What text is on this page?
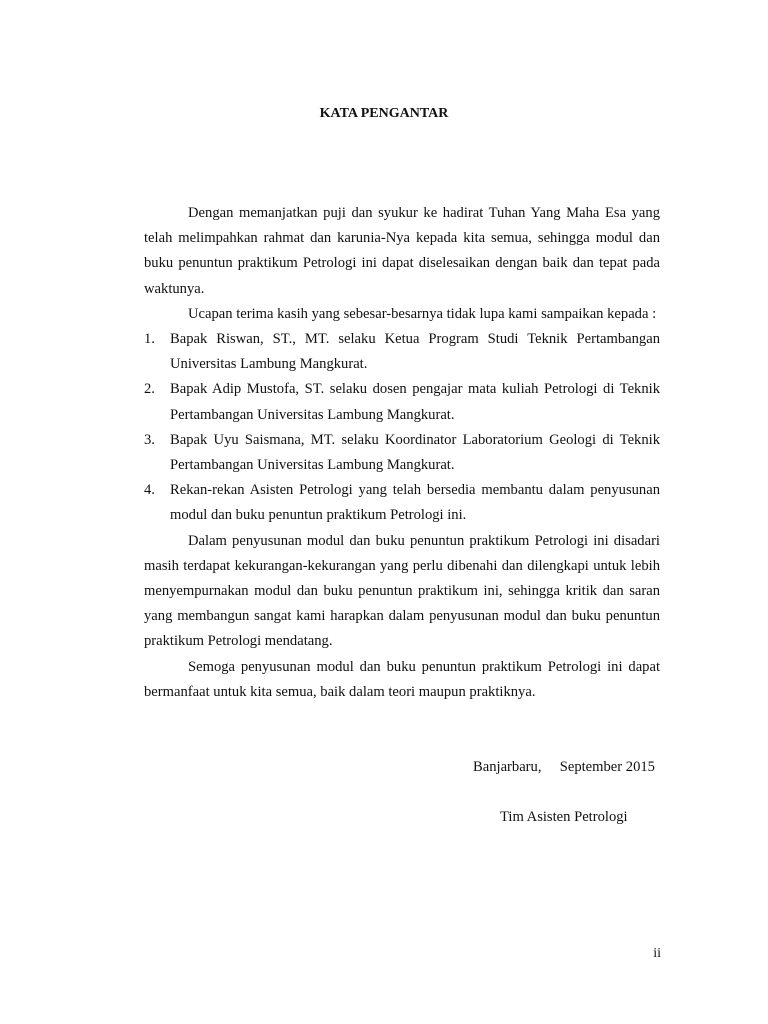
KATA PENGANTAR

Dengan memanjatkan puji dan syukur ke hadirat Tuhan Yang Maha Esa yang telah melimpahkan rahmat dan karunia-Nya kepada kita semua, sehingga modul dan buku penuntun praktikum Petrologi ini dapat diselesaikan dengan baik dan tepat pada waktunya.

Ucapan terima kasih yang sebesar-besarnya tidak lupa kami sampaikan kepada :

1. Bapak Riswan, ST., MT. selaku Ketua Program Studi Teknik Pertambangan Universitas Lambung Mangkurat.
2. Bapak Adip Mustofa, ST. selaku dosen pengajar mata kuliah Petrologi di Teknik Pertambangan Universitas Lambung Mangkurat.
3. Bapak Uyu Saismana, MT. selaku Koordinator Laboratorium Geologi di Teknik Pertambangan Universitas Lambung Mangkurat.
4. Rekan-rekan Asisten Petrologi yang telah bersedia membantu dalam penyusunan modul dan buku penuntun praktikum Petrologi ini.

Dalam penyusunan modul dan buku penuntun praktikum Petrologi ini disadari masih terdapat kekurangan-kekurangan yang perlu dibenahi dan dilengkapi untuk lebih menyempurnakan modul dan buku penuntun praktikum ini, sehingga kritik dan saran yang membangun sangat kami harapkan dalam penyusunan modul dan buku penuntun praktikum Petrologi mendatang.

Semoga penyusunan modul dan buku penuntun praktikum Petrologi ini dapat bermanfaat untuk kita semua, baik dalam teori maupun praktiknya.

Banjarbaru,     September 2015
Tim Asisten Petrologi
ii
